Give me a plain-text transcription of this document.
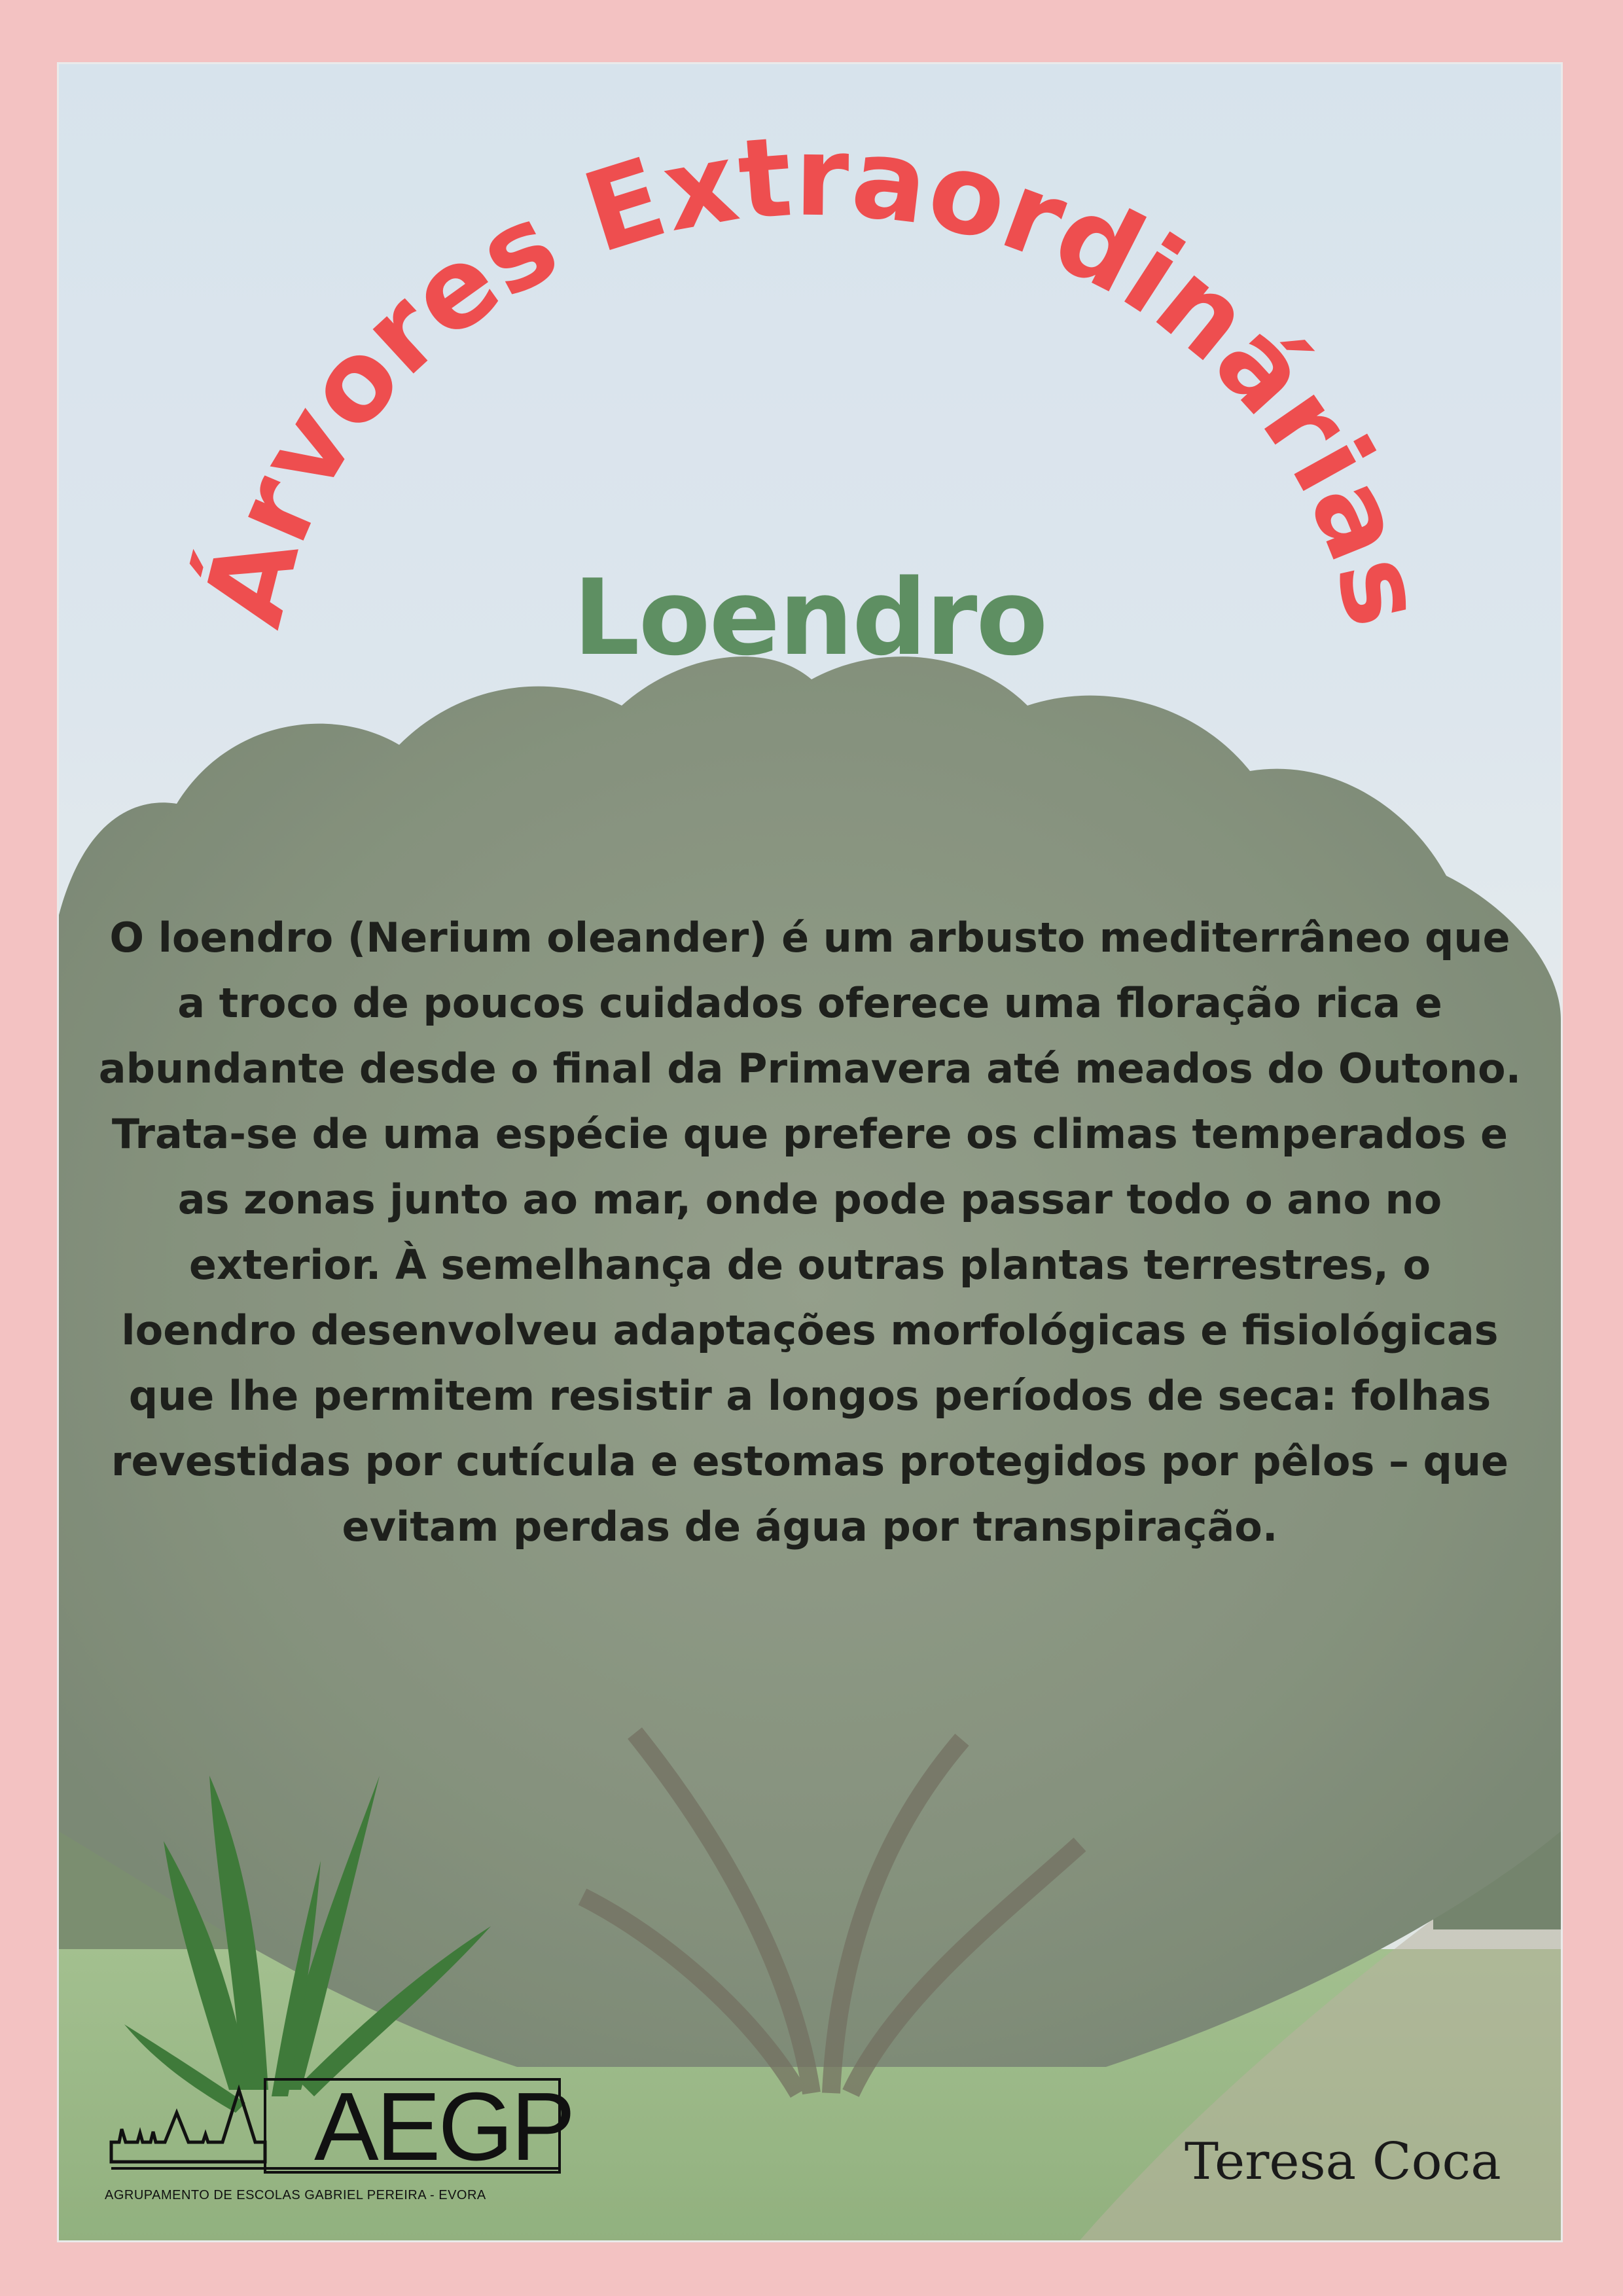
Árvores Extraordinárias
Loendro

O loendro (Nerium oleander) é um arbusto mediterrâneo que a troco de poucos cuidados oferece uma floração rica e abundante desde o final da Primavera até meados do Outono.

Trata-se de uma espécie que prefere os climas temperados e as zonas junto ao mar, onde pode passar todo o ano no exterior. À semelhança de outras plantas terrestres, o loendro desenvolveu adaptações morfológicas e fisiológicas que lhe permitem resistir a longos períodos de seca: folhas revestidas por cutícula e estomas protegidos por pêlos – que evitam perdas de água por transpiração.

AEGP
AGRUPAMENTO DE ESCOLAS GABRIEL PEREIRA - EVORA
Teresa Coca
